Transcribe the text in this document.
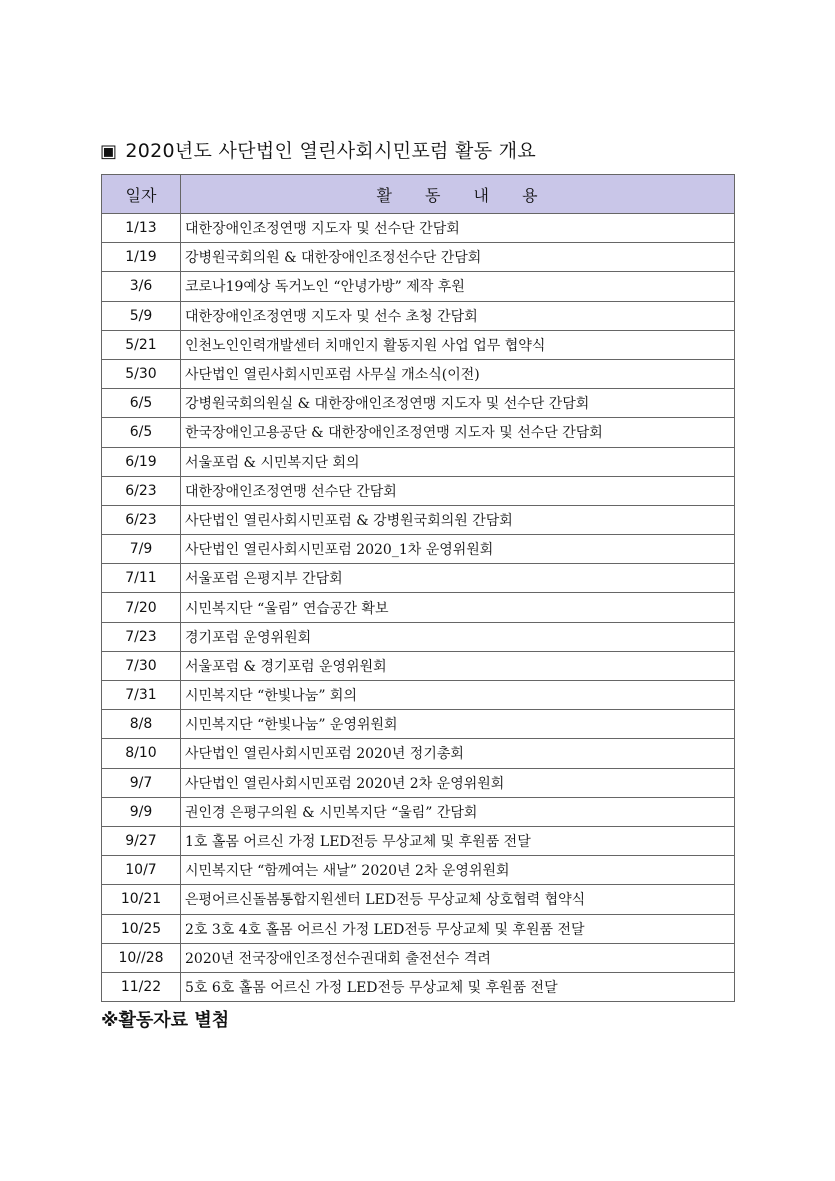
▣ 2020년도 사단법인 열린사회시민포럼 활동 개요
일자	활 동 내 용
1/13	대한장애인조정연맹 지도자 및 선수단 간담회
1/19	강병원국회의원 & 대한장애인조정선수단 간담회
3/6	코로나19예상 독거노인 “안녕가방” 제작 후원
5/9	대한장애인조정연맹 지도자 및 선수 초청 간담회
5/21	인천노인인력개발센터 치매인지 활동지원 사업 업무 협약식
5/30	사단법인 열린사회시민포럼 사무실 개소식(이전)
6/5	강병원국회의원실 & 대한장애인조정연맹 지도자 및 선수단 간담회
6/5	한국장애인고용공단 & 대한장애인조정연맹 지도자 및 선수단 간담회
6/19	서울포럼 & 시민복지단 회의
6/23	대한장애인조정연맹 선수단 간담회
6/23	사단법인 열린사회시민포럼 & 강병원국회의원 간담회
7/9	사단법인 열린사회시민포럼 2020_1차 운영위원회
7/11	서울포럼 은평지부 간담회
7/20	시민복지단 “울림” 연습공간 확보
7/23	경기포럼 운영위원회
7/30	서울포럼 & 경기포럼 운영위원회
7/31	시민복지단 “한빛나눔” 회의
8/8	시민복지단 “한빛나눔” 운영위원회
8/10	사단법인 열린사회시민포럼 2020년 정기총회
9/7	사단법인 열린사회시민포럼 2020년 2차 운영위원회
9/9	권인경 은평구의원 & 시민복지단 “울림” 간담회
9/27	1호 홀몸 어르신 가정 LED전등 무상교체 및 후원품 전달
10/7	시민복지단 “함께여는 새날” 2020년 2차 운영위원회
10/21	은평어르신돌봄통합지원센터 LED전등 무상교체 상호협력 협약식
10/25	2호 3호 4호 홀몸 어르신 가정 LED전등 무상교체 및 후원품 전달
10//28	2020년 전국장애인조정선수권대회 출전선수 격려
11/22	5호 6호 홀몸 어르신 가정 LED전등 무상교체 및 후원품 전달
※활동자료 별첨
